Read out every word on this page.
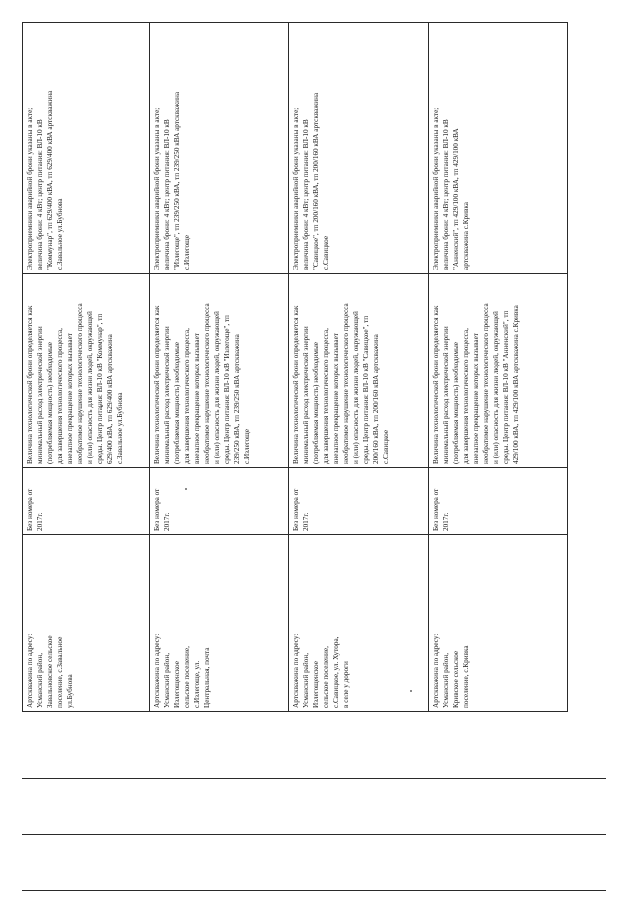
Артскважина по адресу:
Усманский район,
Завальновское сельское
поселение, с.Завальное
ул.Бубнова
Без номера от
2017г.
Величина технологической брони определяется как
минимальный расход электрической энергии
(потребляемая мощность) необходимые
для завершения технологического процесса,
внезапное прекращение которых вызывает
необратимое нарушение технологического процесса
и (или) опасность для жизни людей, окружающей
среды. Центр питания: ВЛ-10 кВ "Коммунар", тп
629/400 кВА, тп 629/400 кВА артскважина
с.Завальное ул.Бубнова
Электроприемники аварийной брони указаны в акте;
величина брони: 4 кВт; центр питания: ВЛ-10 кВ
"Коммунар", тп 629/400 кВА, тп 629/400 кВА артскважина
с.Завальное ул.Бубнова
Артскважина по адресу:
Усманский район,
Излегощенское
сельское поселение,
с.Излегоще, ул.
Центральная, почта
Без номера от
2017г.
Величина технологической брони определяется как
минимальный расход электрической энергии
(потребляемая мощность) необходимые
для завершения технологического процесса,
внезапное прекращение которых вызывает
необратимое нарушение технологического процесса
и (или) опасность для жизни людей, окружающей
среды. Центр питания: ВЛ-10 кВ "Излегоще", тп
239/250 кВА, тп 239/250 кВА артскважина
с.Излегоще
Электроприемники аварийной брони указаны в акте;
величина брони: 4 кВт; центр питания: ВЛ-10 кВ
"Излегоще", тп 239/250 кВА, тп 239/250 кВА артскважина
с.Излегоще
Артскважина по адресу:
Усманский район,
Излегощенское
сельское поселение,
с.Савицкое, ул. Хутора,
в селе у дороги
Без номера от
2017г.
Величина технологической брони определяется как
минимальный расход электрической энергии
(потребляемая мощность) необходимые
для завершения технологического процесса,
внезапное прекращение которых вызывает
необратимое нарушение технологического процесса
и (или) опасность для жизни людей, окружающей
среды. Центр питания: ВЛ-10 кВ "Савицкое", тп
200/160 кВА, тп 200/160 кВА артскважина
с.Савицкое
Электроприемники аварийной брони указаны в акте;
величина брони: 4 кВт; центр питания: ВЛ-10 кВ
"Савицкое", тп 200/160 кВА, тп 200/160 кВА артскважина
с.Савицкое
Артскважина по адресу:
Усманский район,
Кривское сельское
поселение, с.Кривка
Без номера от
2017г.
Величина технологической брони определяется как
минимальный расход электрической энергии
(потребляемая мощность) необходимые
для завершения технологического процесса,
внезапное прекращение которых вызывает
необратимое нарушение технологического процесса
и (или) опасность для жизни людей, окружающей
среды. Центр питания: ВЛ-10 кВ "Анненский", тп
429/100 кВА, тп 429/100 кВА артскважина с.Кривка
Электроприемники аварийной брони указаны в акте;
величина брони: 4 кВт; центр питания: ВЛ-10 кВ
"Анненский", тп 429/100 кВА, тп 429/100 кВА
артскважина с.Кривка
